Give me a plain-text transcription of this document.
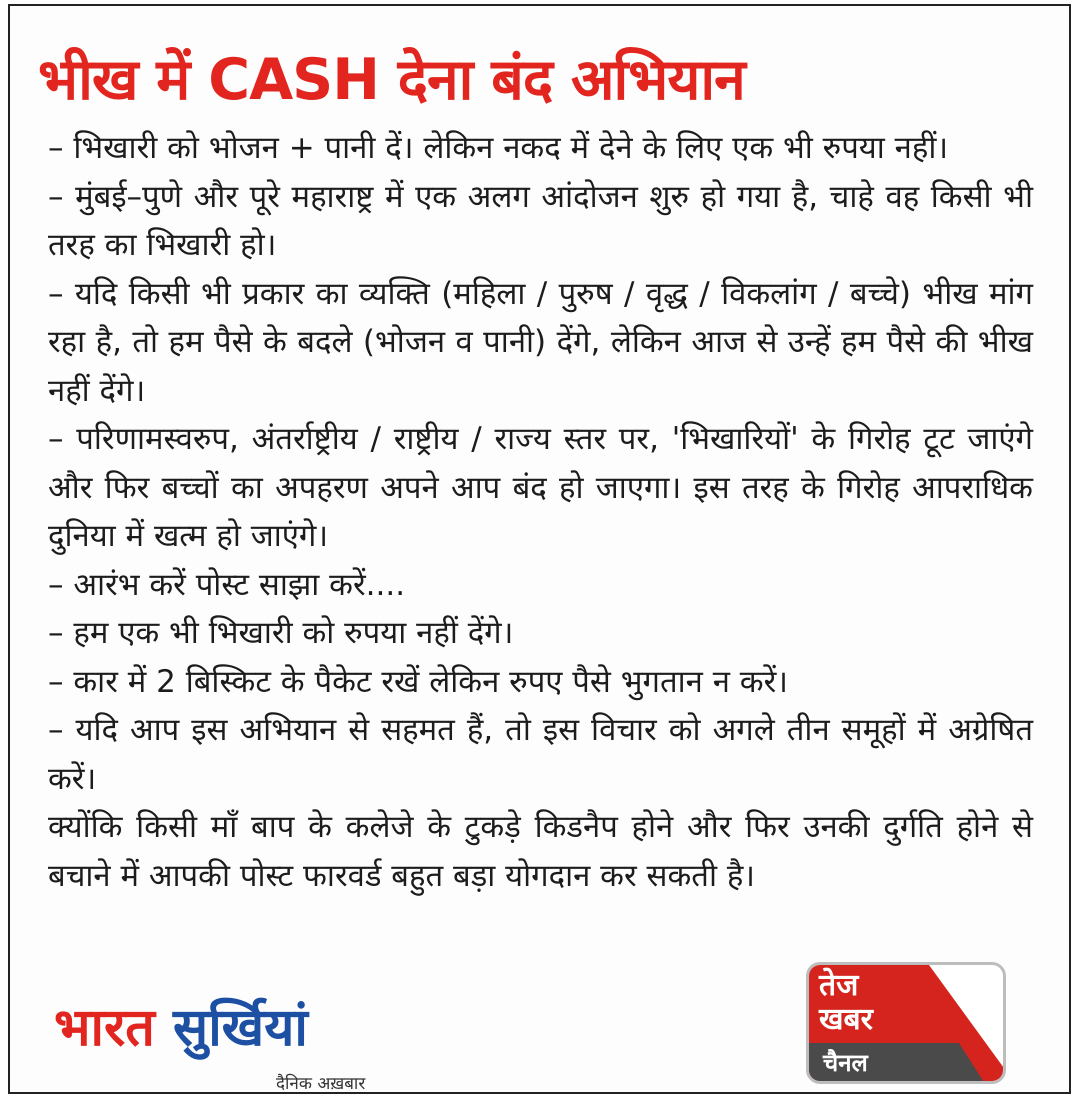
भीख में CASH देना बंद अभियान

– भिखारी को भोजन + पानी दें। लेकिन नकद में देने के लिए एक भी रुपया नहीं।

– मुंबई–पुणे और पूरे महाराष्ट्र में एक अलग आंदोजन शुरु हो गया है, चाहे वह किसी भी तरह का भिखारी हो।

– यदि किसी भी प्रकार का व्यक्ति (महिला / पुरुष / वृद्ध / विकलांग / बच्चे) भीख मांग रहा है, तो हम पैसे के बदले (भोजन व पानी) देंगे, लेकिन आज से उन्हें हम पैसे की भीख नहीं देंगे।

– परिणामस्वरुप, अंतर्राष्ट्रीय / राष्ट्रीय / राज्य स्तर पर, 'भिखारियों' के गिरोह टूट जाएंगे और फिर बच्चों का अपहरण अपने आप बंद हो जाएगा। इस तरह के गिरोह आपराधिक दुनिया में खत्म हो जाएंगे।

– आरंभ करें पोस्ट साझा करें....

– हम एक भी भिखारी को रुपया नहीं देंगे।

– कार में 2 बिस्किट के पैकेट रखें लेकिन रुपए पैसे भुगतान न करें।

– यदि आप इस अभियान से सहमत हैं, तो इस विचार को अगले तीन समूहों में अग्रेषित करें।

क्योंकि किसी माँ बाप के कलेजे के टुकड़े किडनैप होने और फिर उनकी दुर्गति होने से बचाने में आपकी पोस्ट फारवर्ड बहुत बड़ा योगदान कर सकती है।

भारत सुर्खियां
दैनिक अख़बार
तेज
खबर
चैनल
